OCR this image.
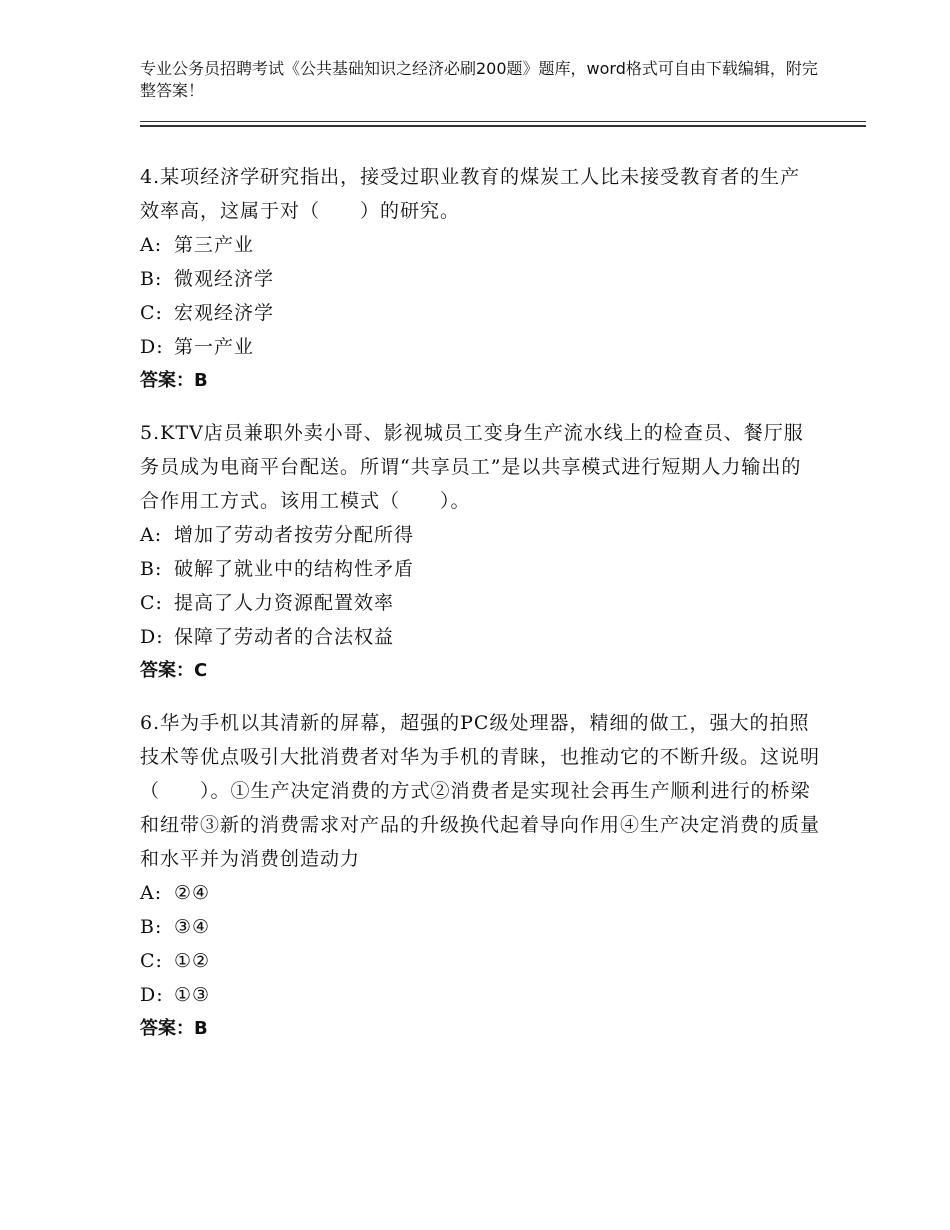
专业公务员招聘考试《公共基础知识之经济必刷200题》题库，word格式可自由下载编辑，附完整答案！

4.某项经济学研究指出，接受过职业教育的煤炭工人比未接受教育者的生产效率高，这属于对（　　）的研究。

A: 第三产业

B: 微观经济学

C: 宏观经济学

D: 第一产业

答案：B

5.KTV店员兼职外卖小哥、影视城员工变身生产流水线上的检查员、餐厅服务员成为电商平台配送。所谓“共享员工”是以共享模式进行短期人力输出的合作用工方式。该用工模式（　　）。

A: 增加了劳动者按劳分配所得

B: 破解了就业中的结构性矛盾

C: 提高了人力资源配置效率

D: 保障了劳动者的合法权益

答案：C

6.华为手机以其清新的屏幕，超强的PC级处理器，精细的做工，强大的拍照技术等优点吸引大批消费者对华为手机的青睐，也推动它的不断升级。这说明（　　）。①生产决定消费的方式②消费者是实现社会再生产顺利进行的桥梁和纽带③新的消费需求对产品的升级换代起着导向作用④生产决定消费的质量和水平并为消费创造动力

A: ②④

B: ③④

C: ①②

D: ①③

答案：B
